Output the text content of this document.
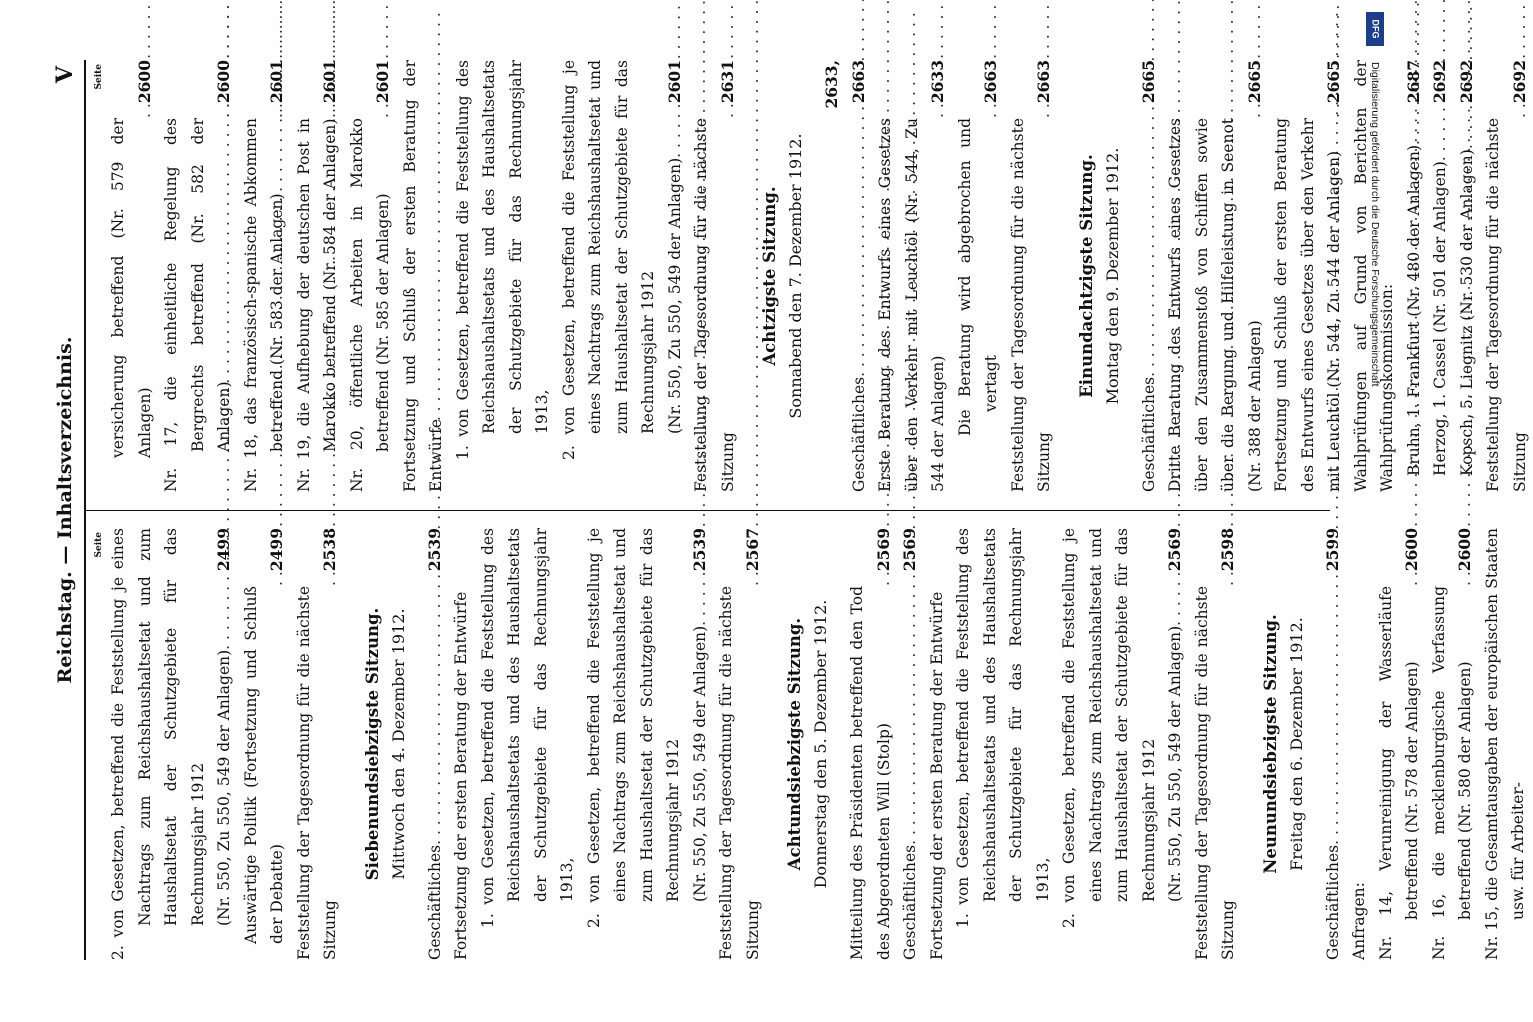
Reichstag. — Inhaltsverzeichnis.
V
Seite 2. von Gesetzen, betreffend die Feststellung je eines Nachtrags zum Reichshaushaltsetat und zum Haushaltsetat der Schutzgebiete für das Rechnungsjahr 1912 (Nr. 550, Zu 550, 549 der Anlagen)
. . .
2499
Auswärtige Politik (Fortsetzung und Schluß der Debatte)
. . .
2499
Feststellung der Tagesordnung für die nächste Sitzung
. . .
2538
Siebenundsiebzigste Sitzung. Mittwoch den 4. Dezember 1912.
Geschäftliches
. . .
2539
Fortsetzung der ersten Beratung der Entwürfe 1. von Gesetzen, betreffend die Feststellung des Reichshaushaltsetats und des Haushaltsetats der Schutzgebiete für das Rechnungsjahr 1913, 2. von Gesetzen, betreffend die Feststellung je eines Nachtrags zum Reichshaushaltsetat und zum Haushaltsetat der Schutzgebiete für das Rechnungsjahr 1912 (Nr. 550, Zu 550, 549 der Anlagen)
. . .
2539
Feststellung der Tagesordnung für die nächste Sitzung
. . .
2567
Achtundsiebzigste Sitzung. Donnerstag den 5. Dezember 1912. Mitteilung des Präsidenten betreffend den Tod des Abgeordneten Will (Stolp)
. . .
2569
Geschäftliches
. . .
2569
Fortsetzung der ersten Beratung der Entwürfe 1. von Gesetzen, betreffend die Feststellung des Reichshaushaltsetats und des Haushaltsetats der Schutzgebiete für das Rechnungsjahr 1913, 2. von Gesetzen, betreffend die Feststellung je eines Nachtrags zum Reichshaushaltsetat und zum Haushaltsetat der Schutzgebiete für das Rechnungsjahr 1912 (Nr. 550, Zu 550, 549 der Anlagen)
. . .
2569
Feststellung der Tagesordnung für die nächste Sitzung
. . .
2598
Neunundsiebzigste Sitzung. Freitag den 6. Dezember 1912.
Geschäftliches
. . .
2599
Anfragen: Nr. 14, Verunreinigung der Wasserläufe betreffend (Nr. 578 der Anlagen)
. . .
2600
Nr. 16, die mecklenburgische Verfassung betreffend (Nr. 580 der Anlagen)
. . .
2600 Nr. 15, die Gesamtausgaben der europäischen Staaten usw. für Arbeiter-
Seite
versicherung betreffend (Nr. 579 der Anlagen)
. . .
2600
Nr. 17, die einheitliche Regelung des Bergrechts betreffend (Nr. 582 der Anlagen)
. . .
2600
Nr. 18, das französisch-spanische Abkommen betreffend (Nr. 583 der Anlagen)
. . .
2601
Nr. 19, die Aufhebung der deutschen Post in Marokko betreffend (Nr. 584 der Anlagen)
. . .
2601
Nr. 20, öffentliche Arbeiten in Marokko betreffend (Nr. 585 der Anlagen)
. . .
2601 Fortsetzung und Schluß der ersten Beratung der Entwürfe 1. von Gesetzen, betreffend die Feststellung des Reichshaushaltsetats und des Haushaltsetats der Schutzgebiete für das Rechnungsjahr 1913, 2. von Gesetzen, betreffend die Feststellung je eines Nachtrags zum Reichshaushaltsetat und zum Haushaltsetat der Schutzgebiete für das Rechnungsjahr 1912 (Nr. 550, Zu 550, 549 der Anlagen)
. . .
2601
Feststellung der Tagesordnung für die nächste Sitzung
. . .
2631
Achtzigste Sitzung. Sonnabend den 7. Dezember 1912.
Geschäftliches
. . .
2633, 2663
Erste Beratung des Entwurfs eines Gesetzes über den Verkehr mit Leuchtöl (Nr. 544, Zu 544 der Anlagen)
. . .
2633
Die Beratung wird abgebrochen und vertagt
. . .
2663
Feststellung der Tagesordnung für die nächste Sitzung
. . .
2663
Einundachtzigste Sitzung. Montag den 9. Dezember 1912.
Geschäftliches
. . .
2665
Dritte Beratung des Entwurfs eines Gesetzes über den Zusammenstoß von Schiffen sowie über die Bergung und Hilfeleistung in Seenot (Nr. 388 der Anlagen)
. . .
2665
Fortsetzung und Schluß der ersten Beratung des Entwurfs eines Gesetzes über den Verkehr mit Leuchtöl (Nr. 544, Zu 544 der Anlagen)
. . .
2665 Wahlprüfungen auf Grund von Berichten der Wahlprüfungskommission: Bruhn, 1. Frankfurt (Nr. 480 der Anlagen)
. . .
2687
Herzog, 1. Cassel (Nr. 501 der Anlagen)
. . .
2692
Kopsch, 5. Liegnitz (Nr. 530 der Anlagen)
. . .
2692
Feststellung der Tagesordnung für die nächste Sitzung
. . .
2692
DFG
Digitalisierung gefördert durch die Deutsche Forschungsgemeinschaft
